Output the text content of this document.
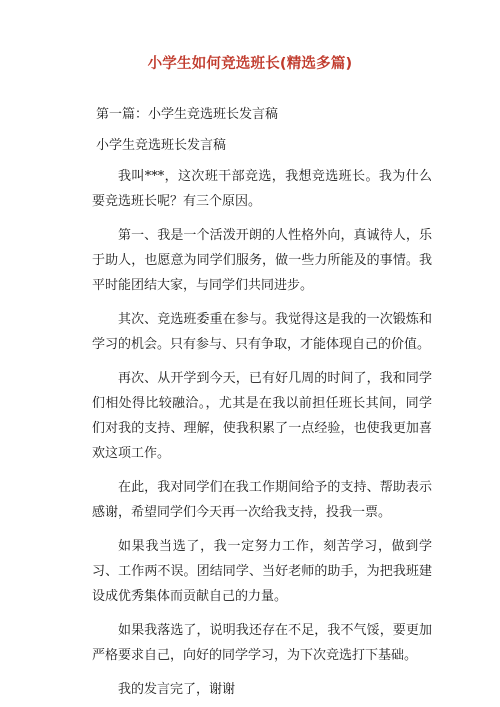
小学生如何竞选班长(精选多篇)

第一篇：小学生竞选班长发言稿

小学生竞选班长发言稿

我叫***，这次班干部竞选，我想竞选班长。我为什么要竞选班长呢？有三个原因。

第一、我是一个活泼开朗的人性格外向，真诚待人，乐于助人，也愿意为同学们服务，做一些力所能及的事情。我平时能团结大家，与同学们共同进步。

其次、竞选班委重在参与。我觉得这是我的一次锻炼和学习的机会。只有参与、只有争取，才能体现自己的价值。

再次、从开学到今天，已有好几周的时间了，我和同学们相处得比较融洽。，尤其是在我以前担任班长其间，同学们对我的支持、理解，使我积累了一点经验，也使我更加喜欢这项工作。

在此，我对同学们在我工作期间给予的支持、帮助表示感谢，希望同学们今天再一次给我支持，投我一票。

如果我当选了，我一定努力工作，刻苦学习，做到学习、工作两不误。团结同学、当好老师的助手，为把我班建设成优秀集体而贡献自己的力量。

如果我落选了，说明我还存在不足，我不气馁，要更加严格要求自己，向好的同学学习，为下次竞选打下基础。

我的发言完了，谢谢
